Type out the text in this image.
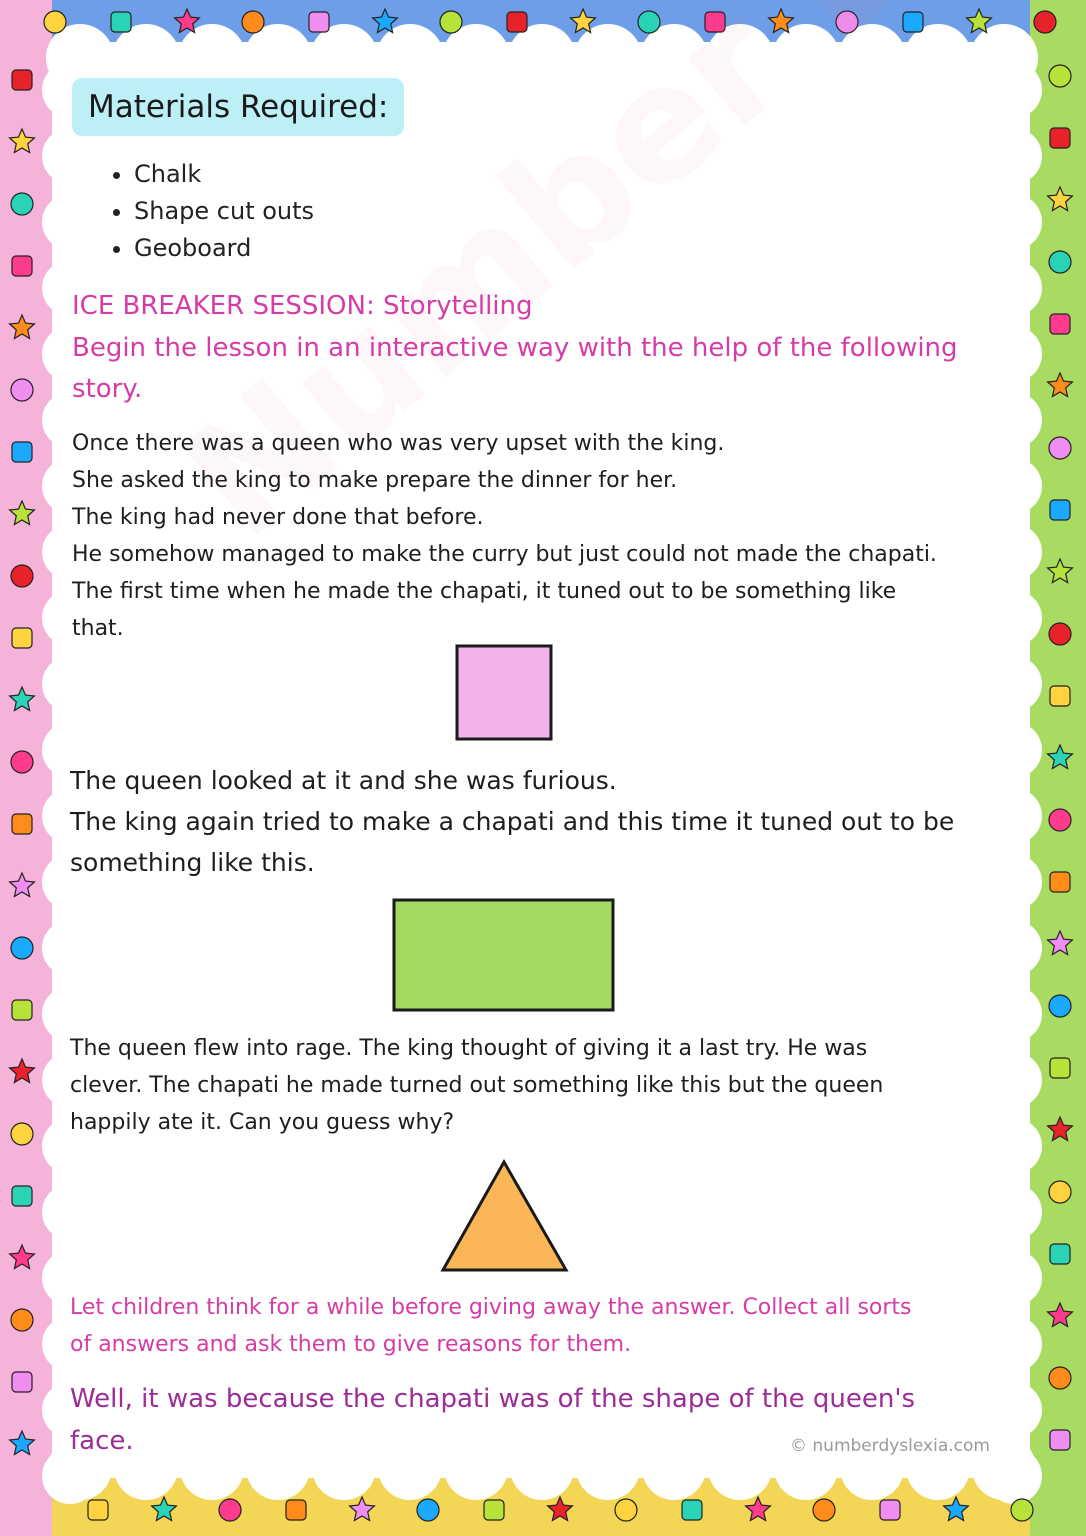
Number
Materials Required:
• Chalk
• Shape cut outs
• Geoboard
ICE BREAKER SESSION: Storytelling
Begin the lesson in an interactive way with the help of the following
story.
Once there was a queen who was very upset with the king.
She asked the king to make prepare the dinner for her.
The king had never done that before.
He somehow managed to make the curry but just could not made the chapati.
The first time when he made the chapati, it tuned out to be something like
that.
The queen looked at it and she was furious.
The king again tried to make a chapati and this time it tuned out to be
something like this.
The queen flew into rage. The king thought of giving it a last try. He was
clever. The chapati he made turned out something like this but the queen
happily ate it. Can you guess why?
Let children think for a while before giving away the answer. Collect all sorts
of answers and ask them to give reasons for them.
Well, it was because the chapati was of the shape of the queen's
face.	© numberdyslexia.com
